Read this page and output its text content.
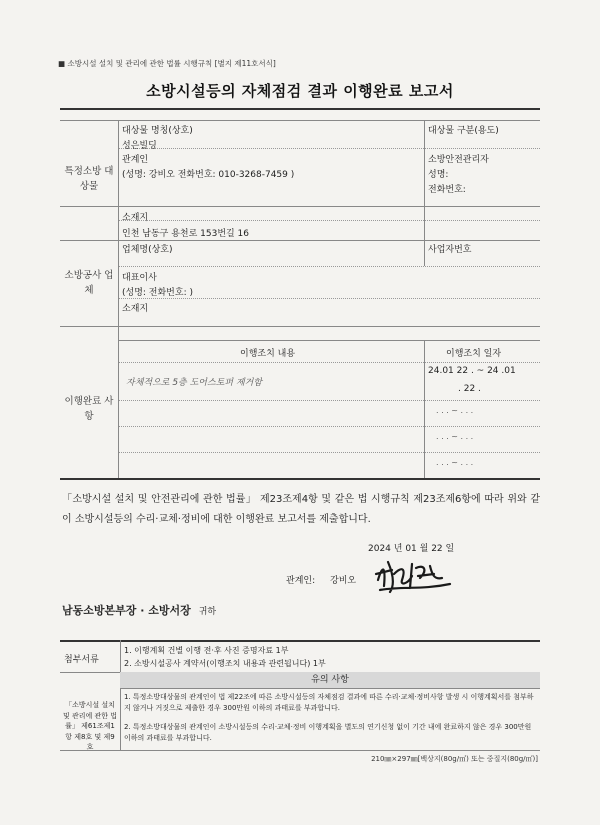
■ 소방시설 설치 및 관리에 관한 법률 시행규칙 [별지 제11호서식]
소방시설등의 자체점검 결과 이행완료 보고서
특정소방 대상물
대상물 명칭(상호)
성은빌딩
대상물 구분(용도)
관계인
(성명: 강비오 전화번호: 010-3268-7459 )
소방안전관리자
성명:
전화번호:
소재지
인천 남동구 용천로 153번길 16
소방공사 업체
업체명(상호)	사업자번호
대표이사
(성명: 전화번호: )
소재지
이행완료 사항
이행조치 내용	이행조치 일자
자체적으로 5층 도어스토퍼 제거함
24.01 22 . ~ 24 .01
. 22 .
. . . ~ . . .
. . . ~ . . .
. . . ~ . . .
「소방시설 설치 및 안전관리에 관한 법률」 제23조제4항 및 같은 법 시행규칙 제23조제6항에 따라 위와 같이 소방시설등의 수리·교체·정비에 대한 이행완료 보고서를 제출합니다.
2024 년 01 월 22 일
관계인: 강비오
남동소방본부장 · 소방서장 귀하
첨부서류
1. 이행계획 건별 이행 전·후 사진 증명자료 1부
2. 소방시설공사 계약서(이행조치 내용과 관련됩니다) 1부
유의 사항
「소방시설 설치 및 관리에 관한 법률」 제61조제1항 제8호 및 제9호
1. 특정소방대상물의 관계인이 법 제22조에 따른 소방시설등의 자체점검 결과에 따른 수리·교체·정비사항 발생 시 이행계획서를 첨부하지 않거나 거짓으로 제출한 경우 300만원 이하의 과태료를 부과합니다.
2. 특정소방대상물의 관계인이 소방시설등의 수리·교체·정비 이행계획을 별도의 연기신청 없이 기간 내에 완료하지 않은 경우 300만원 이하의 과태료를 부과합니다.
210㎜×297㎜[백상지(80g/㎡) 또는 중질지(80g/㎡)]
